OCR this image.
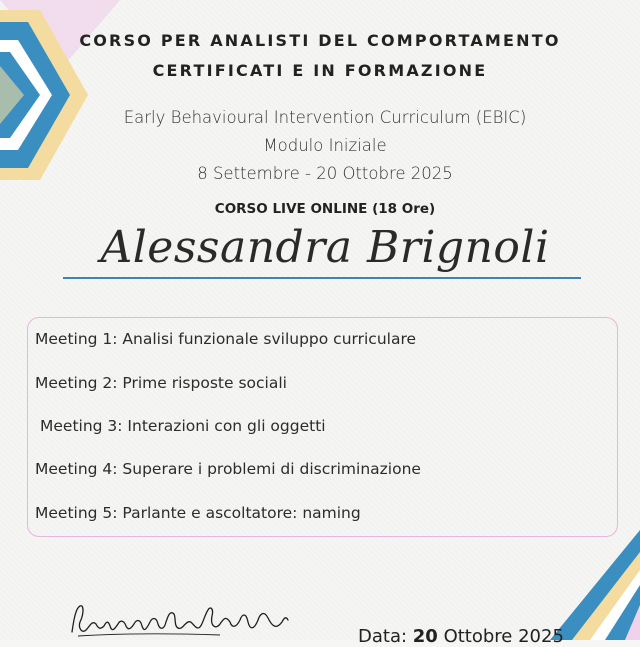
CORSO PER ANALISTI DEL COMPORTAMENTO
CERTIFICATI E IN FORMAZIONE
Early Behavioural Intervention Curriculum (EBIC)
Modulo Iniziale
8 Settembre - 20 Ottobre 2025
CORSO LIVE ONLINE (18 Ore)
Alessandra Brignoli
Meeting 1: Analisi funzionale sviluppo curriculare
Meeting 2: Prime risposte sociali
Meeting 3: Interazioni con gli oggetti
Meeting 4: Superare i problemi di discriminazione
Meeting 5: Parlante e ascoltatore: naming
Data: 20 Ottobre 2025
